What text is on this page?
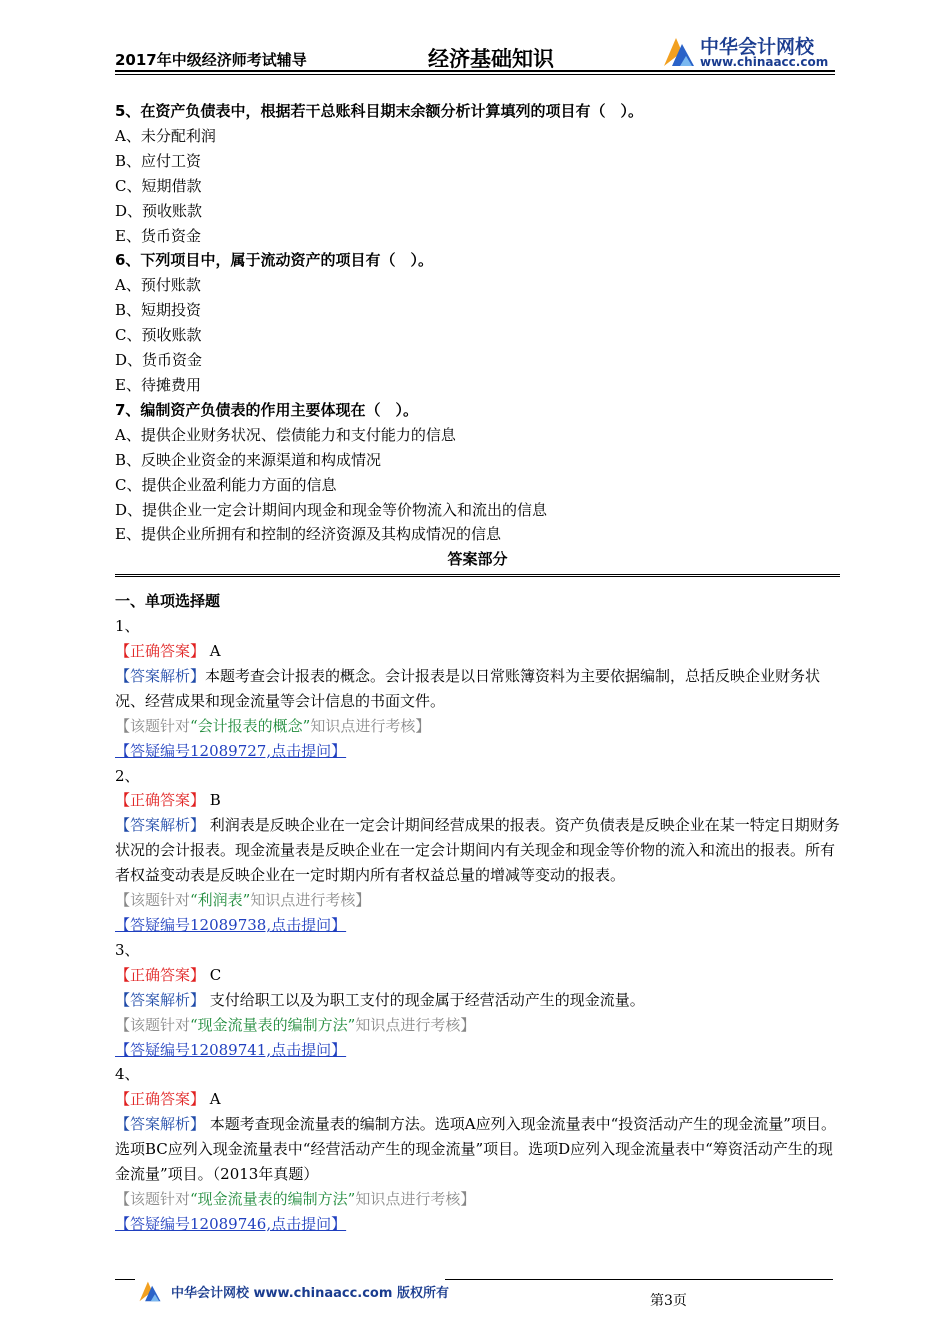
2017年中级经济师考试辅导	经济基础知识	中华会计网校
www.chinaacc.com
5、在资产负债表中，根据若干总账科目期末余额分析计算填列的项目有（　）。
A、未分配利润
B、应付工资
C、短期借款
D、预收账款
E、货币资金
6、下列项目中，属于流动资产的项目有（　）。
A、预付账款
B、短期投资
C、预收账款
D、货币资金
E、待摊费用
7、编制资产负债表的作用主要体现在（　）。
A、提供企业财务状况、偿债能力和支付能力的信息
B、反映企业资金的来源渠道和构成情况
C、提供企业盈利能力方面的信息
D、提供企业一定会计期间内现金和现金等价物流入和流出的信息
E、提供企业所拥有和控制的经济资源及其构成情况的信息
答案部分
一、单项选择题
1、
【正确答案】 A
【答案解析】本题考查会计报表的概念。会计报表是以日常账簿资料为主要依据编制，总括反映企业财务状况、经营成果和现金流量等会计信息的书面文件。
【该题针对“会计报表的概念”知识点进行考核】
【答疑编号12089727,点击提问】
2、
【正确答案】 B
【答案解析】 利润表是反映企业在一定会计期间经营成果的报表。资产负债表是反映企业在某一特定日期财务状况的会计报表。现金流量表是反映企业在一定会计期间内有关现金和现金等价物的流入和流出的报表。所有者权益变动表是反映企业在一定时期内所有者权益总量的增减等变动的报表。
【该题针对“利润表”知识点进行考核】
【答疑编号12089738,点击提问】
3、
【正确答案】 C
【答案解析】 支付给职工以及为职工支付的现金属于经营活动产生的现金流量。
【该题针对“现金流量表的编制方法”知识点进行考核】
【答疑编号12089741,点击提问】
4、
【正确答案】 A
【答案解析】 本题考查现金流量表的编制方法。选项A应列入现金流量表中“投资活动产生的现金流量”项目。选项BC应列入现金流量表中“经营活动产生的现金流量”项目。选项D应列入现金流量表中“筹资活动产生的现金流量”项目。（2013年真题）
【该题针对“现金流量表的编制方法”知识点进行考核】
【答疑编号12089746,点击提问】
中华会计网校 www.chinaacc.com 版权所有	第3页
